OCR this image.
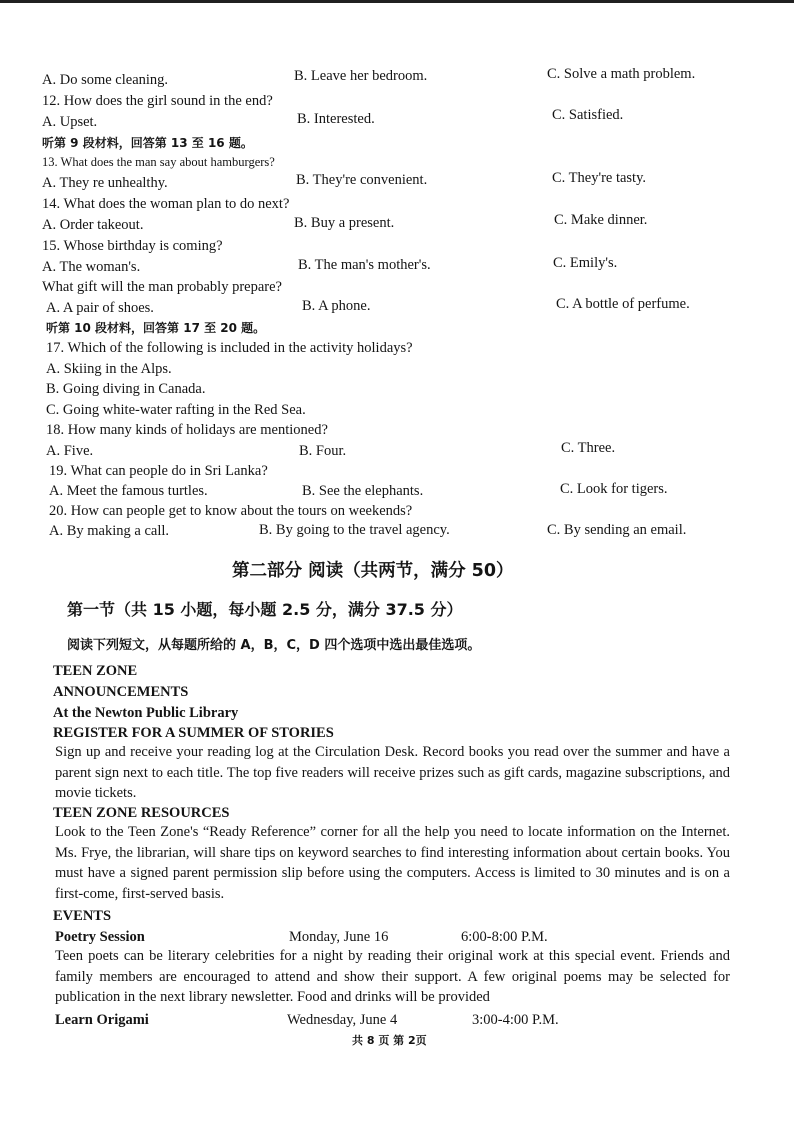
A. Do some cleaning.	B. Leave her bedroom.	C. Solve a math problem.
12. How does the girl sound in the end?
A. Upset.	B. Interested.	C. Satisfied.
听第 9 段材料，回答第 13 至 16 题。
13. What does the man say about hamburgers?
A. They re unhealthy.	B. They're convenient.	C. They're tasty.
14. What does the woman plan to do next?
A. Order takeout.	B. Buy a present.	C. Make dinner.
15. Whose birthday is coming?
A. The woman's.	B. The man's mother's.	C. Emily's.
What gift will the man probably prepare?
A. A pair of shoes.	B. A phone.	C. A bottle of perfume.
听第 10 段材料，回答第 17 至 20 题。
17. Which of the following is included in the activity holidays?
A. Skiing in the Alps.
B. Going diving in Canada.
C. Going white-water rafting in the Red Sea.
18. How many kinds of holidays are mentioned?
A. Five.	B. Four.	C. Three.
19. What can people do in Sri Lanka?
A. Meet the famous turtles.	B. See the elephants.	C. Look for tigers.
20. How can people get to know about the tours on weekends?
A. By making a call.	B. By going to the travel agency.	C. By sending an email.
第二部分 阅读（共两节，满分 50）
第一节（共 15 小题，每小题 2.5 分，满分 37.5 分）
阅读下列短文，从每题所给的 A，B，C，D 四个选项中选出最佳选项。
TEEN ZONE
ANNOUNCEMENTS
At the Newton Public Library
REGISTER FOR A SUMMER OF STORIES
Sign up and receive your reading log at the Circulation Desk. Record books you read over the summer and have a parent sign next to each title. The top five readers will receive prizes such as gift cards, magazine subscriptions, and movie tickets.
TEEN ZONE RESOURCES
Look to the Teen Zone's “Ready Reference” corner for all the help you need to locate information on the Internet. Ms. Frye, the librarian, will share tips on keyword searches to find interesting information about certain books. You must have a signed parent permission slip before using the computers. Access is limited to 30 minutes and is on a first-come, first-served basis.
EVENTS
Poetry Session	Monday, June 16	6:00-8:00 P.M.
Teen poets can be literary celebrities for a night by reading their original work at this special event. Friends and family members are encouraged to attend and show their support. A few original poems may be selected for publication in the next library newsletter. Food and drinks will be provided
Learn Origami	Wednesday, June 4	3:00-4:00 P.M.
共 8 页 第 2页
